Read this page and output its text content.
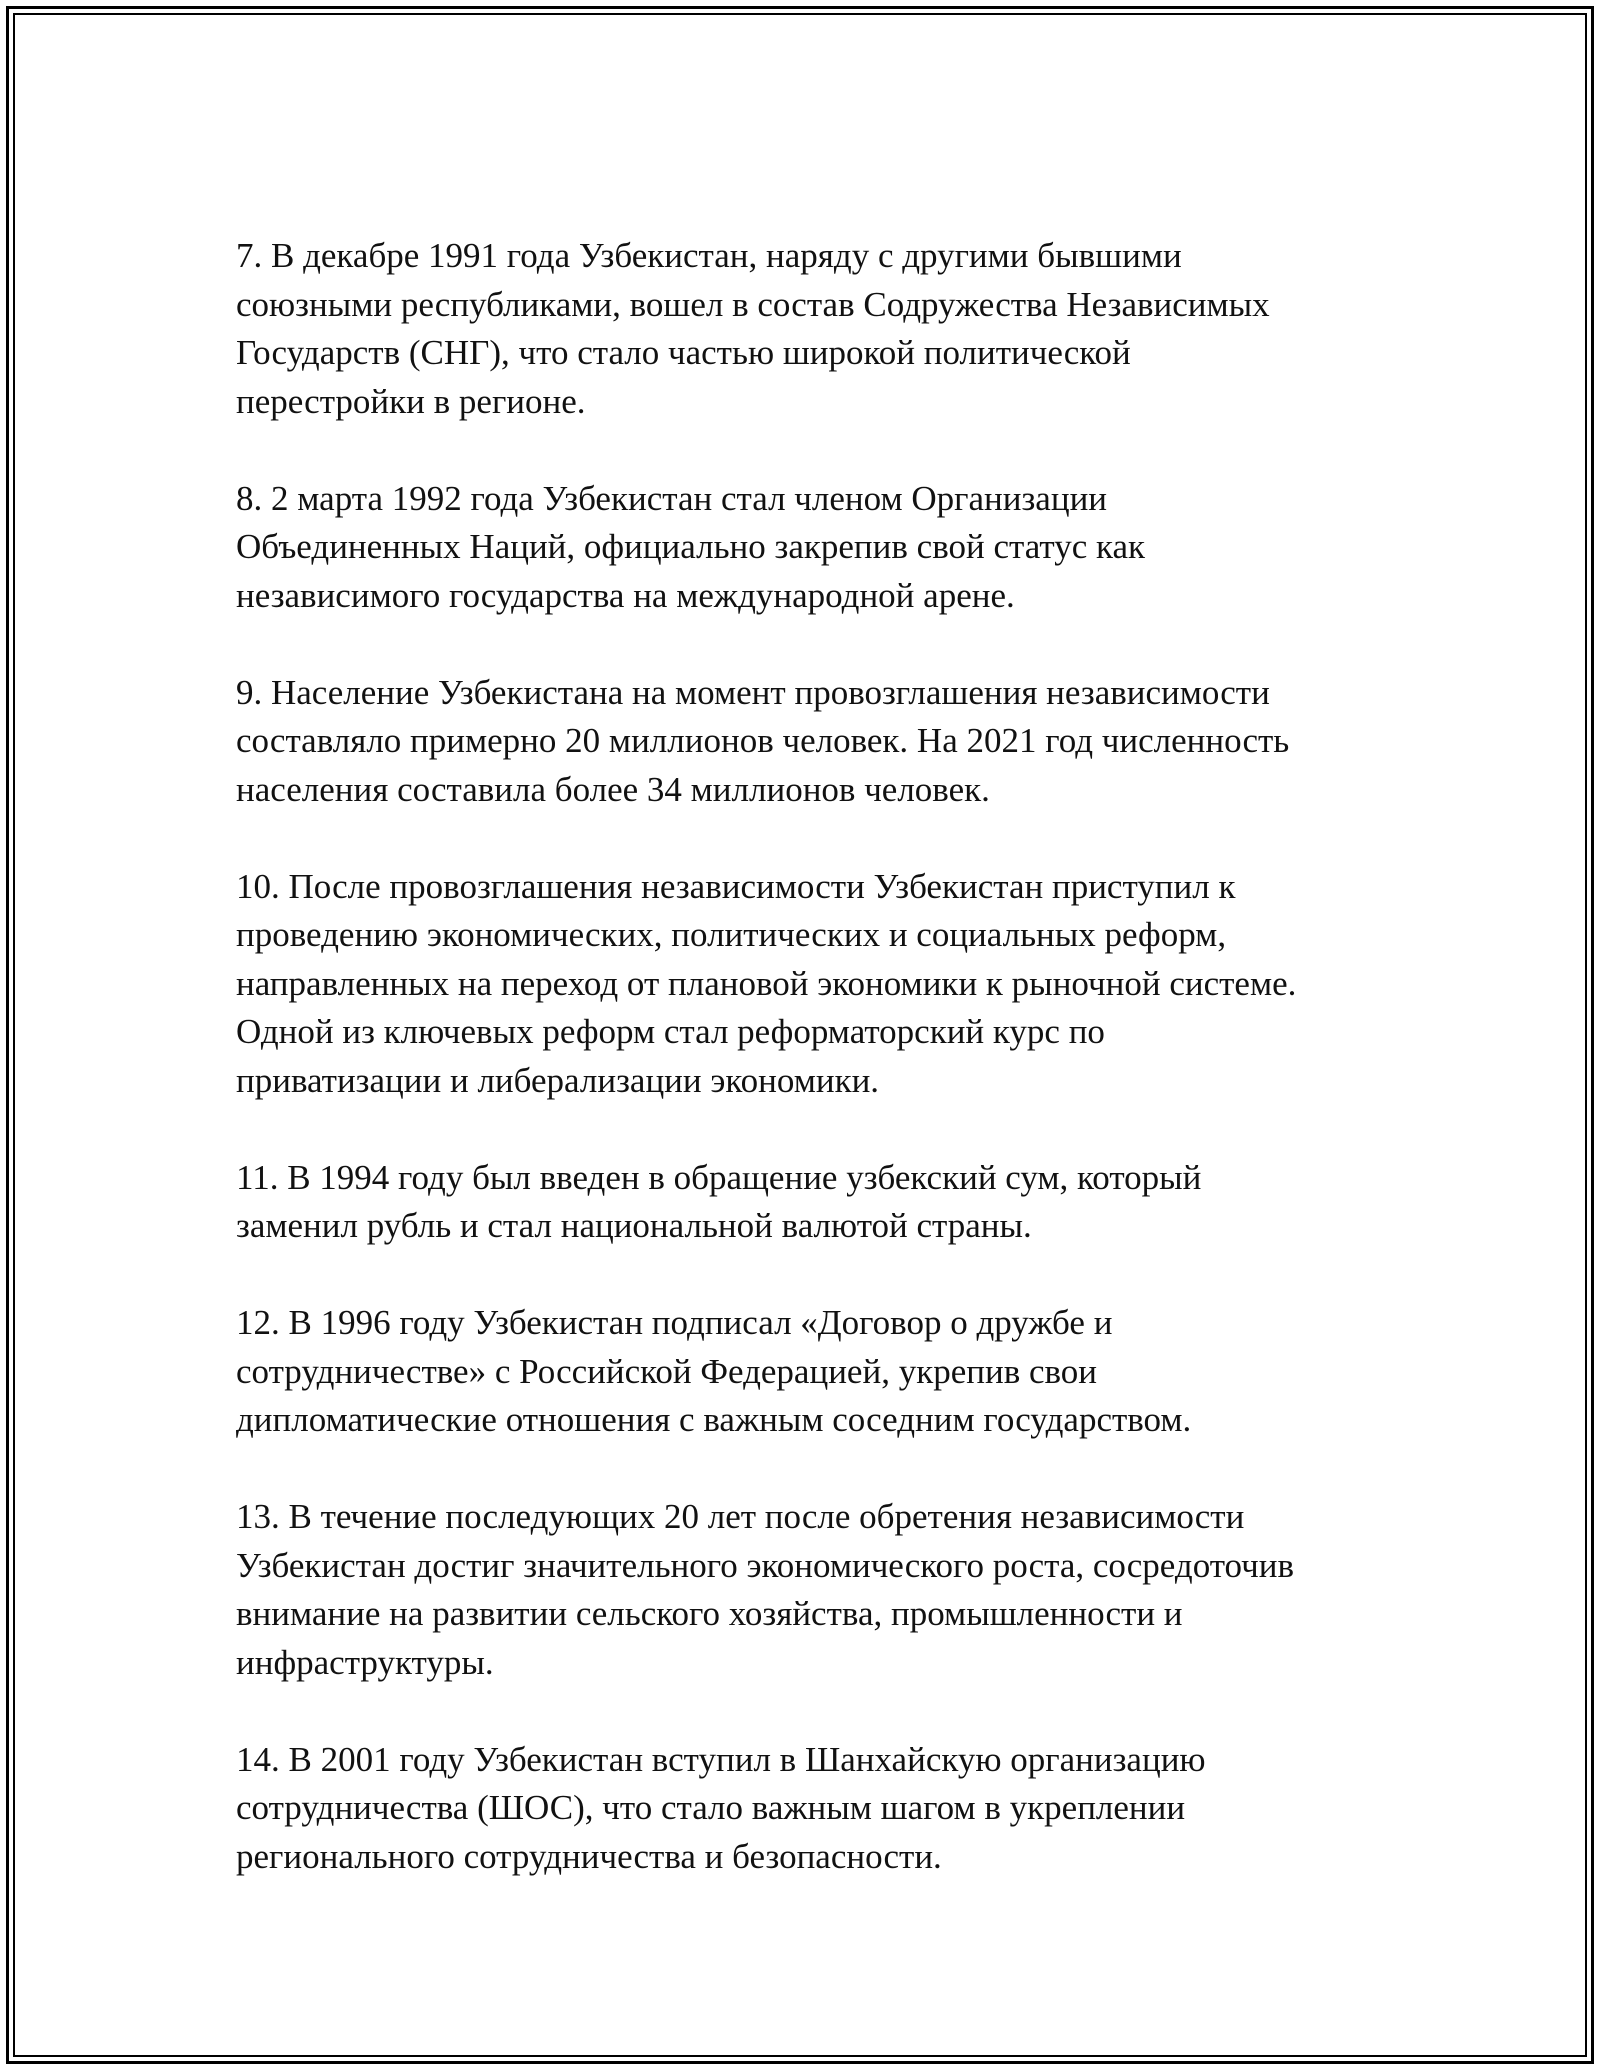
7. В декабре 1991 года Узбекистан, наряду с другими бывшими
союзными республиками, вошел в состав Содружества Независимых
Государств (СНГ), что стало частью широкой политической
перестройки в регионе.

8. 2 марта 1992 года Узбекистан стал членом Организации
Объединенных Наций, официально закрепив свой статус как
независимого государства на международной арене.

9. Население Узбекистана на момент провозглашения независимости
составляло примерно 20 миллионов человек. На 2021 год численность
населения составила более 34 миллионов человек.

10. После провозглашения независимости Узбекистан приступил к
проведению экономических, политических и социальных реформ,
направленных на переход от плановой экономики к рыночной системе.
Одной из ключевых реформ стал реформаторский курс по
приватизации и либерализации экономики.

11. В 1994 году был введен в обращение узбекский сум, который
заменил рубль и стал национальной валютой страны.

12. В 1996 году Узбекистан подписал «Договор о дружбе и
сотрудничестве» с Российской Федерацией, укрепив свои
дипломатические отношения с важным соседним государством.

13. В течение последующих 20 лет после обретения независимости
Узбекистан достиг значительного экономического роста, сосредоточив
внимание на развитии сельского хозяйства, промышленности и
инфраструктуры.

14. В 2001 году Узбекистан вступил в Шанхайскую организацию
сотрудничества (ШОС), что стало важным шагом в укреплении
регионального сотрудничества и безопасности.
